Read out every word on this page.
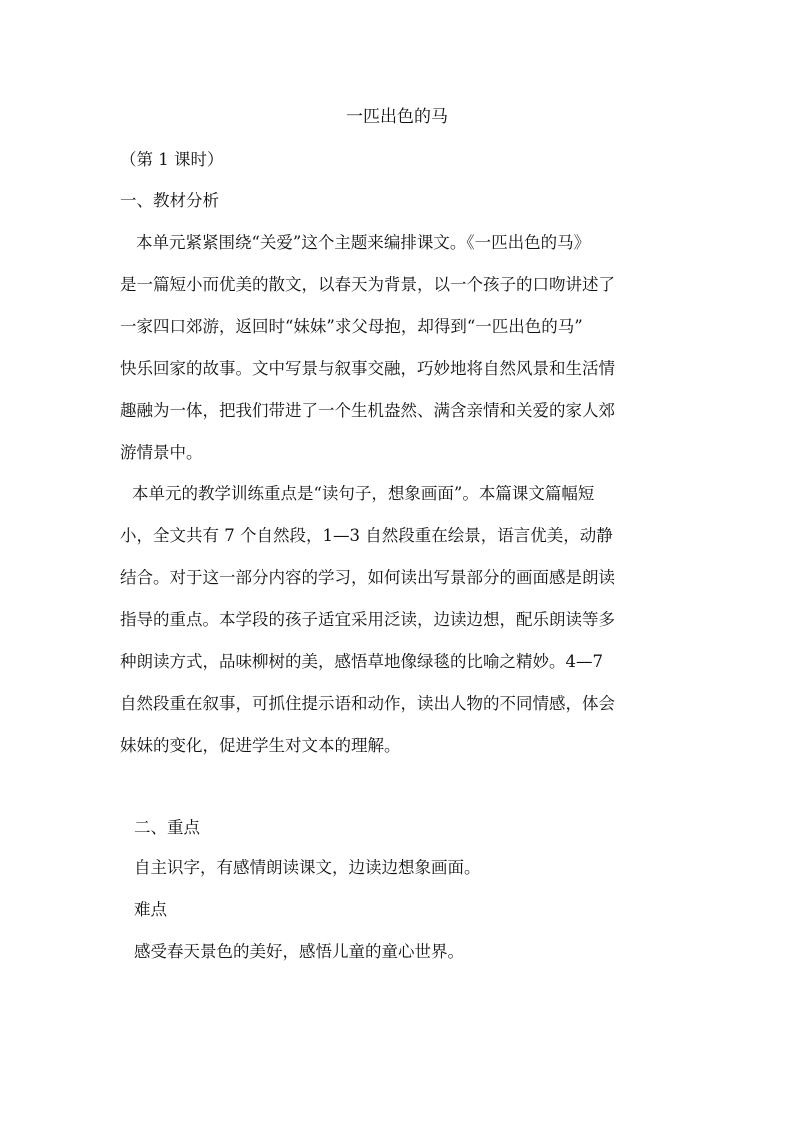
一匹出色的马
（第 1 课时）
一、教材分析
本单元紧紧围绕“关爱”这个主题来编排课文。《一匹出色的马》
是一篇短小而优美的散文，以春天为背景，以一个孩子的口吻讲述了
一家四口郊游，返回时“妹妹”求父母抱，却得到“一匹出色的马”
快乐回家的故事。文中写景与叙事交融，巧妙地将自然风景和生活情
趣融为一体，把我们带进了一个生机盎然、满含亲情和关爱的家人郊
游情景中。
本单元的教学训练重点是“读句子，想象画面”。本篇课文篇幅短
小，全文共有 7 个自然段，1—3 自然段重在绘景，语言优美，动静
结合。对于这一部分内容的学习，如何读出写景部分的画面感是朗读
指导的重点。本学段的孩子适宜采用泛读，边读边想，配乐朗读等多
种朗读方式，品味柳树的美，感悟草地像绿毯的比喻之精妙。4—7
自然段重在叙事，可抓住提示语和动作，读出人物的不同情感，体会
妹妹的变化，促进学生对文本的理解。
二、重点
自主识字，有感情朗读课文，边读边想象画面。
难点
感受春天景色的美好，感悟儿童的童心世界。
